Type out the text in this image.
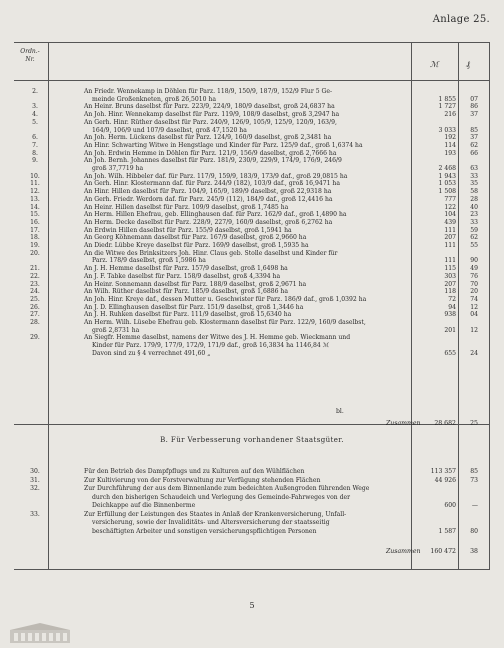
Anlage 25.
Ordn.-Nr.
ℳ	₰
2.	An Friedr. Wennekamp in Döhlen für Parz. 118/9, 150/9, 187/9, 152/9 Flur 5 Ge-
meinde Großenkneten, groß 26,5010 ha	1 855	07
3.	An Heinr. Bruns daselbst für Parz. 223/9, 224/9, 180/9 daselbst, groß 24,6837 ha	1 727	86
4.	An Joh. Hinr. Wennekamp daselbst für Parz. 119/9, 108/9 daselbst, groß 3,2947 ha	216	37
5.	An Gerh. Hinr. Rüther daselbst für Parz. 240/9, 126/9, 105/9, 125/9, 120/9, 163/9,
164/9, 106/9 und 107/9 daselbst, groß 47,1520 ha	3 033	85
6.	An Joh. Herm. Lückens daselbst für Parz. 124/9, 160/9 daselbst, groß 2,3481 ha	192	37
7.	An Hinr. Schwarting Witwe in Hengstlage und Kinder für Parz. 125/9 daf., groß 1,6374 ha	114	62
8.	An Joh. Erdwin Hemme in Döhlen für Parz. 121/9, 156/9 daselbst, groß 2,7666 ha	193	66
9.	An Joh. Bernh. Johannes daselbst für Parz. 181/9, 230/9, 229/9, 174/9, 176/9, 246/9
groß 37,7719 ha	2 468	63
10.	An Joh. Wilh. Hibbeler daf. für Parz. 117/9, 159/9, 183/9, 173/9 daf., groß 29,0815 ha	1 943	33
11.	An Gerh. Hinr. Klostermann daf. für Parz. 244/9 (182), 103/9 daf., groß 16,9471 ha	1 053	35
12.	An Hinr. Hillen daselbst für Parz. 104/9, 165/9, 189/9 daselbst, groß 22,9318 ha	1 508	58
13.	An Gerh. Friedr. Werdorn daf. für Parz. 245/9 (112), 184/9 daf., groß 12,4416 ha	777	28
14.	An Heinr. Hillen daselbst für Parz. 109/9 daselbst, groß 1,7485 ha	122	40
15.	An Herm. Hillen Ehefrau, geb. Ellinghausen daf. für Parz. 162/9 daf., groß 1,4890 ha	104	23
16.	An Herm. Decke daselbst für Parz. 228/9, 227/9, 160/9 daselbst, groß 6,2762 ha	439	33
17.	An Erdwin Hillen daselbst für Parz. 155/9 daselbst, groß 1,5941 ha	111	59
18.	An Georg Köhnemann daselbst für Parz. 167/9 daselbst, groß 2,9660 ha	207	62
19.	An Diedr. Lübbe Kreye daselbst für Parz. 169/9 daselbst, groß 1,5935 ha	111	55
20.	An die Witwe des Brinksitzers Joh. Hinr. Claus geb. Stolle daselbst und Kinder für
Parz. 178/9 daselbst, groß 1,5986 ha	111	90
21.	An J. H. Hemme daselbst für Parz. 157/9 daselbst, groß 1,6498 ha	115	49
22.	An J. F. Tabke daselbst für Parz. 158/9 daselbst, groß 4,3394 ha	303	76
23.	An Heinr. Sonnemann daselbst für Parz. 188/9 daselbst, groß 2,9671 ha	207	70
24.	An Wilh. Rüther daselbst für Parz. 185/9 daselbst, groß 1,6886 ha	118	20
25.	An Joh. Hinr. Kreye daf., dessen Mutter u. Geschwister für Parz. 186/9 daf., groß 1,0392 ha	72	74
26.	An J. D. Ellinghausen daselbst für Parz. 151/9 daselbst, groß 1,3446 ha	94	12
27.	An J. H. Ruhken daselbst für Parz. 111/9 daselbst, groß 15,6340 ha	938	04
28.	An Herm. Wilh. Lüsebe Ehefrau geb. Klostermann daselbst für Parz. 122/9, 160/9 daselbst,
groß 2,8731 ha	201	12
29.	An Siegfr. Hemme daselbst, namens der Witwe des J. H. Hemme geb. Wieckmann und
Kinder für Parz. 179/9, 177/9, 172/9, 171/9 daf., groß 16,3834 ha 1146,84 ℳ
Davon sind zu § 4 verrechnet 491,60 „	655	24
bl.
Zusammen	28 682	25
B. Für Verbesserung vorhandener Staatsgüter.
30.	Für den Betrieb des Dampfpflugs und zu Kulturen auf den Wühlflächen	113 357	85
31.	Zur Kultivierung von der Forstverwaltung zur Verfügung stehenden Flächen	44 926	73
32.	Zur Durchführung der aus dem Binnenlande zum bedeichten Außengroden führenden Wege
durch den bisherigen Schaudeich und Verlegung des Gemeinde-Fahrweges von der
Deichkappe auf die Binnenberme	600	—
33.	Zur Erfüllung der Leistungen des Staates in Anlaß der Krankenversicherung, Unfall-
versicherung, sowie der Invaliditäts- und Altersversicherung der staatsseitig
beschäftigten Arbeiter und sonstigen versicherungspflichtigen Personen	1 587	80
Zusammen	160 472	38
5
